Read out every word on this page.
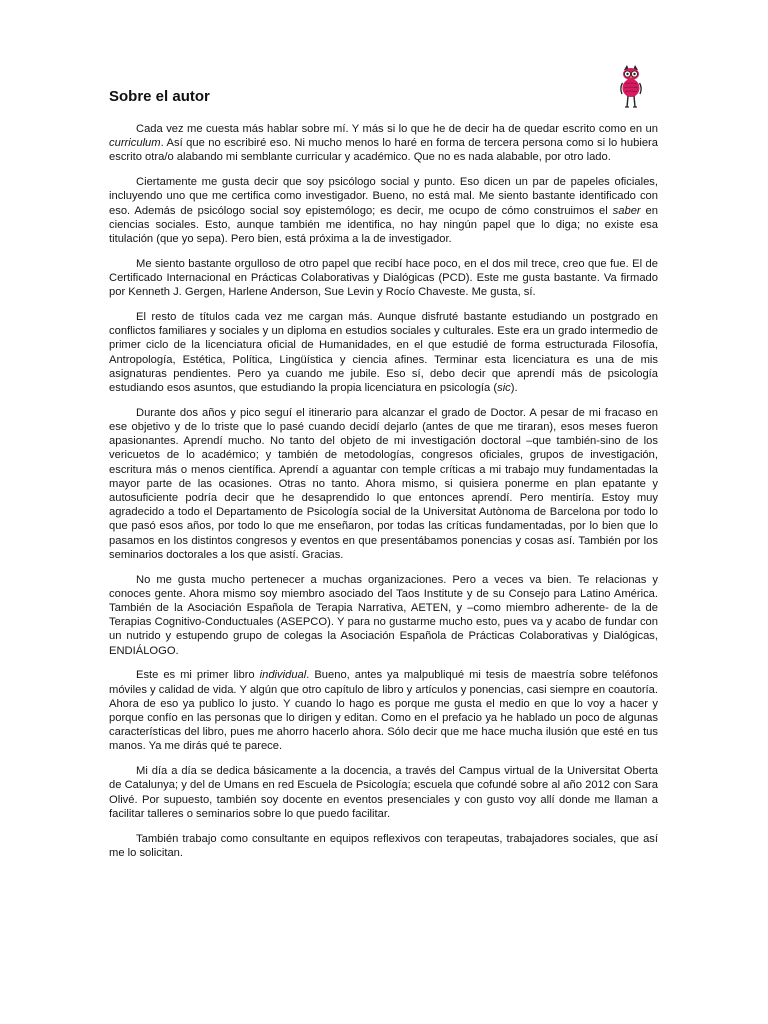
Sobre el autor

Cada vez me cuesta más hablar sobre mí. Y más si lo que he de decir ha de quedar escrito como en un curriculum. Así que no escribiré eso. Ni mucho menos lo haré en forma de tercera persona como si lo hubiera escrito otra/o alabando mi semblante curricular y académico. Que no es nada alabable, por otro lado.

Ciertamente me gusta decir que soy psicólogo social y punto. Eso dicen un par de papeles oficiales, incluyendo uno que me certifica como investigador. Bueno, no está mal. Me siento bastante identificado con eso. Además de psicólogo social soy epistemólogo; es decir, me ocupo de cómo construimos el saber en ciencias sociales. Esto, aunque también me identifica, no hay ningún papel que lo diga; no existe esa titulación (que yo sepa). Pero bien, está próxima a la de investigador.

Me siento bastante orgulloso de otro papel que recibí hace poco, en el dos mil trece, creo que fue. El de Certificado Internacional en Prácticas Colaborativas y Dialógicas (PCD). Este me gusta bastante. Va firmado por Kenneth J. Gergen, Harlene Anderson, Sue Levin y Rocío Chaveste. Me gusta, sí.

El resto de títulos cada vez me cargan más. Aunque disfruté bastante estudiando un postgrado en conflictos familiares y sociales y un diploma en estudios sociales y culturales. Este era un grado intermedio de primer ciclo de la licenciatura oficial de Humanidades, en el que estudié de forma estructurada Filosofía, Antropología, Estética, Política, Lingüística y ciencia afines. Terminar esta licenciatura es una de mis asignaturas pendientes. Pero ya cuando me jubile. Eso sí, debo decir que aprendí más de psicología estudiando esos asuntos, que estudiando la propia licenciatura en psicología (sic).

Durante dos años y pico seguí el itinerario para alcanzar el grado de Doctor. A pesar de mi fracaso en ese objetivo y de lo triste que lo pasé cuando decidí dejarlo (antes de que me tiraran), esos meses fueron apasionantes. Aprendí mucho. No tanto del objeto de mi investigación doctoral –que también-sino de los vericuetos de lo académico; y también de metodologías, congresos oficiales, grupos de investigación, escritura más o menos científica. Aprendí a aguantar con temple críticas a mi trabajo muy fundamentadas la mayor parte de las ocasiones. Otras no tanto. Ahora mismo, si quisiera ponerme en plan epatante y autosuficiente podría decir que he desaprendido lo que entonces aprendí. Pero mentiría. Estoy muy agradecido a todo el Departamento de Psicología social de la Universitat Autònoma de Barcelona por todo lo que pasó esos años, por todo lo que me enseñaron, por todas las críticas fundamentadas, por lo bien que lo pasamos en los distintos congresos y eventos en que presentábamos ponencias y cosas así. También por los seminarios doctorales a los que asistí. Gracias.

No me gusta mucho pertenecer a muchas organizaciones. Pero a veces va bien. Te relacionas y conoces gente. Ahora mismo soy miembro asociado del Taos Institute y de su Consejo para Latino América. También de la Asociación Española de Terapia Narrativa, AETEN, y –como miembro adherente- de la de Terapias Cognitivo-Conductuales (ASEPCO). Y para no gustarme mucho esto, pues va y acabo de fundar con un nutrido y estupendo grupo de colegas la Asociación Española de Prácticas Colaborativas y Dialógicas, ENDIÁLOGO.

Este es mi primer libro individual. Bueno, antes ya malpubliqué mi tesis de maestría sobre teléfonos móviles y calidad de vida. Y algún que otro capítulo de libro y artículos y ponencias, casi siempre en coautoría. Ahora de eso ya publico lo justo. Y cuando lo hago es porque me gusta el medio en que lo voy a hacer y porque confío en las personas que lo dirigen y editan. Como en el prefacio ya he hablado un poco de algunas características del libro, pues me ahorro hacerlo ahora. Sólo decir que me hace mucha ilusión que esté en tus manos. Ya me dirás qué te parece.

Mi día a día se dedica básicamente a la docencia, a través del Campus virtual de la Universitat Oberta de Catalunya; y del de Umans en red Escuela de Psicología; escuela que cofundé sobre al año 2012 con Sara Olivé. Por supuesto, también soy docente en eventos presenciales y con gusto voy allí donde me llaman a facilitar talleres o seminarios sobre lo que puedo facilitar.

También trabajo como consultante en equipos reflexivos con terapeutas, trabajadores sociales, que así me lo solicitan.
